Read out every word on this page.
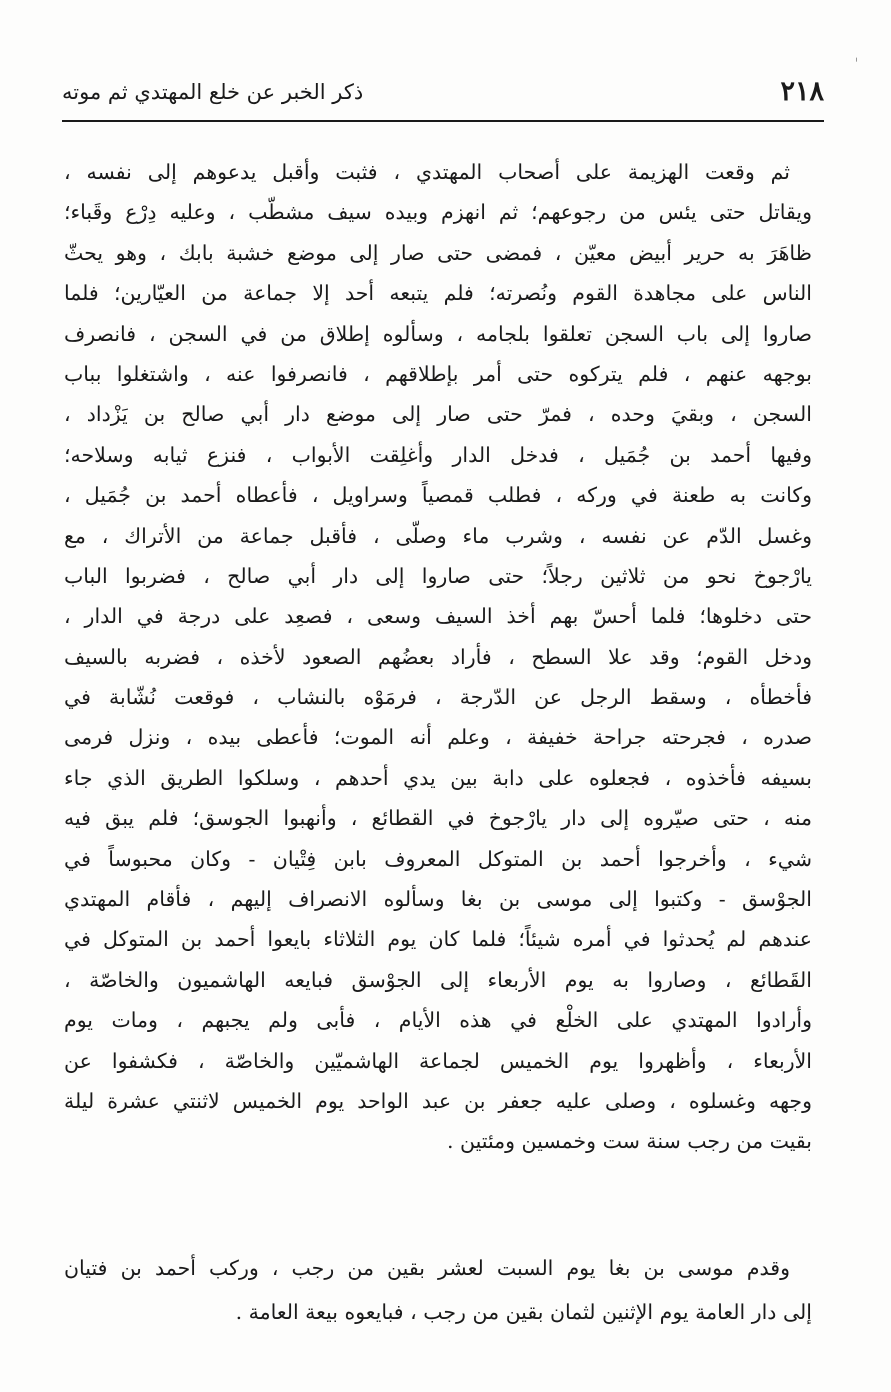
٢١٨
ذكر الخبر عن خلع المهتدي ثم موته
ثم وقعت الهزيمة على أصحاب المهتدي ، فثبت وأقبل يدعوهم إلى نفسه ،
ويقاتل حتى يئس من رجوعهم؛ ثم انهزم وبيده سيف مشطّب ، وعليه دِرْع وقَباء؛
ظاهَرَ به حرير أبيض معيّن ، فمضى حتى صار إلى موضع خشبة بابك ، وهو يحثّ
الناس على مجاهدة القوم ونُصرته؛ فلم يتبعه أحد إلا جماعة من العيّارين؛ فلما
صاروا إلى باب السجن تعلقوا بلجامه ، وسألوه إطلاق من في السجن ، فانصرف
بوجهه عنهم ، فلم يتركوه حتى أمر بإطلاقهم ، فانصرفوا عنه ، واشتغلوا بباب
السجن ، وبقيَ وحده ، فمرّ حتى صار إلى موضع دار أبي صالح بن يَزْداد ،
وفيها أحمد بن جُمَيل ، فدخل الدار وأغلِقت الأبواب ، فنزع ثيابه وسلاحه؛
وكانت به طعنة في وركه ، فطلب قمصياً وسراويل ، فأعطاه أحمد بن جُمَيل ،
وغسل الدّم عن نفسه ، وشرب ماء وصلّى ، فأقبل جماعة من الأتراك ، مع
يارْجوخ نحو من ثلاثين رجلاً؛ حتى صاروا إلى دار أبي صالح ، فضربوا الباب
حتى دخلوها؛ فلما أحسّ بهم أخذ السيف وسعى ، فصعِد على درجة في الدار ،
ودخل القوم؛ وقد علا السطح ، فأراد بعضُهم الصعود لأخذه ، فضربه بالسيف
فأخطأه ، وسقط الرجل عن الدّرجة ، فرمَوْه بالنشاب ، فوقعت نُشّابة في
صدره ، فجرحته جراحة خفيفة ، وعلم أنه الموت؛ فأعطى بيده ، ونزل فرمى
بسيفه فأخذوه ، فجعلوه على دابة بين يدي أحدهم ، وسلكوا الطريق الذي جاء
منه ، حتى صيّروه إلى دار يارْجوخ في القطائع ، وأنهبوا الجوسق؛ فلم يبق فيه
شيء ، وأخرجوا أحمد بن المتوكل المعروف بابن فِتْيان - وكان محبوساً في
الجوْسق - وكتبوا إلى موسى بن بغا وسألوه الانصراف إليهم ، فأقام المهتدي
عندهم لم يُحدثوا في أمره شيئاً؛ فلما كان يوم الثلاثاء بايعوا أحمد بن المتوكل في
القَطائع ، وصاروا به يوم الأربعاء إلى الجوْسق فبايعه الهاشميون والخاصّة ،
وأرادوا المهتدي على الخلْع في هذه الأيام ، فأبى ولم يجبهم ، ومات يوم
الأربعاء ، وأظهروا يوم الخميس لجماعة الهاشميّين والخاصّة ، فكشفوا عن
وجهه وغسلوه ، وصلى عليه جعفر بن عبد الواحد يوم الخميس لاثنتي عشرة ليلة
بقيت من رجب سنة ست وخمسين ومئتين .
وقدم موسى بن بغا يوم السبت لعشر بقين من رجب ، وركب أحمد بن فتيان
إلى دار العامة يوم الإثنين لثمان بقين من رجب ، فبايعوه بيعة العامة .
